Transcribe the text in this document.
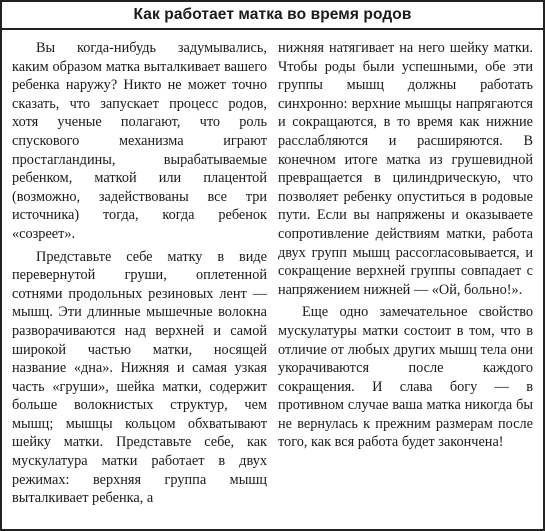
Как работает матка во время родов

Вы когда-нибудь задумывались, каким образом матка выталкивает вашего ребенка наружу? Никто не может точно сказать, что запускает процесс родов, хотя ученые полагают, что роль спускового механизма играют простагландины, вырабатываемые ребенком, маткой или плацентой (возможно, задействованы все три источника) тогда, когда ребенок «созреет».

Представьте себе матку в виде перевернутой груши, оплетенной сотнями продольных резиновых лент — мышц. Эти длинные мышечные волокна разворачиваются над верхней и самой широкой частью матки, носящей название «дна». Нижняя и самая узкая часть «груши», шейка матки, содержит больше волокнистых структур, чем мышц; мышцы кольцом обхватывают шейку матки. Представьте себе, как мускулатура матки работает в двух режимах: верхняя группа мышц выталкивает ребенка, а

нижняя натягивает на него шейку матки. Чтобы роды были успешными, обе эти группы мышц должны работать синхронно: верхние мышцы напрягаются и сокращаются, в то время как нижние расслабляются и расширяются. В конечном итоге матка из грушевидной превращается в цилиндрическую, что позволяет ребенку опуститься в родовые пути. Если вы напряжены и оказываете сопротивление действиям матки, работа двух групп мышц рассогласовывается, и сокращение верхней группы совпадает с напряжением нижней — «Ой, больно!».

Еще одно замечательное свойство мускулатуры матки состоит в том, что в отличие от любых других мышц тела они укорачиваются после каждого сокращения. И слава богу — в противном случае ваша матка никогда бы не вернулась к прежним размерам после того, как вся работа будет закончена!
